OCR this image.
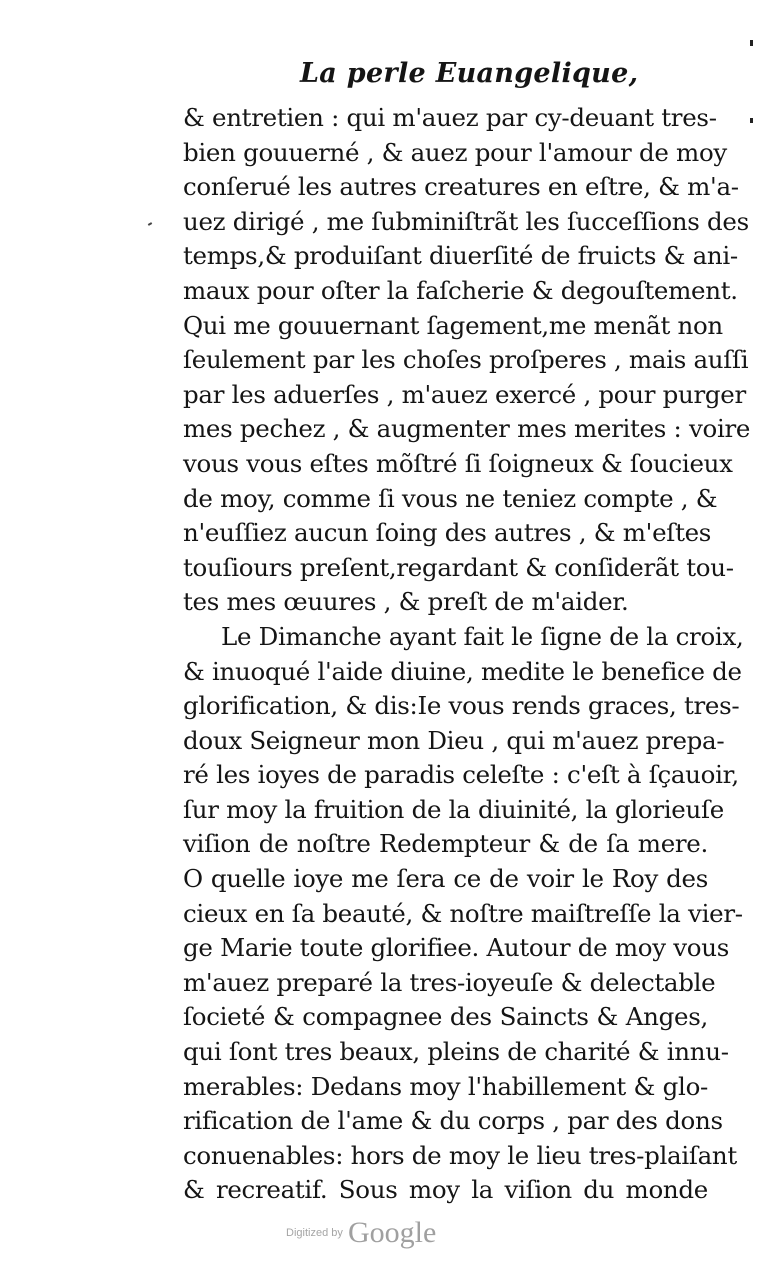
La perle Euangelique,
& entretien : qui m'auez par cy-deuant tres-
bien gouuerné , & auez pour l'amour de moy
conſerué les autres creatures en eſtre, & m'a-
uez dirigé , me ſubminiſtrãt les ſucceſſions des
temps,& produiſant diuerſité de fruicts & ani-
maux pour oſter la faſcherie & degouſtement.
Qui me gouuernant ſagement,me menãt non
ſeulement par les choſes proſperes , mais auſſi
par les aduerſes , m'auez exercé , pour purger
mes pechez , & augmenter mes merites : voire
vous vous eſtes mõſtré ſi ſoigneux & ſoucieux
de moy, comme ſi vous ne teniez compte , &
n'euſſiez aucun ſoing des autres , & m'eſtes
touſiours preſent,regardant & conſiderãt tou-
tes mes œuures , & preſt de m'aider.
Le Dimanche ayant fait le ſigne de la croix,
& inuoqué l'aide diuine, medite le benefice de
glorification, & dis:Ie vous rends graces, tres-
doux Seigneur mon Dieu , qui m'auez prepa-
ré les ioyes de paradis celeſte : c'eſt à ſçauoir,
ſur moy la fruition de la diuinité, la glorieuſe
viſion de noſtre Redempteur & de ſa mere.
O quelle ioye me ſera ce de voir le Roy des
cieux en ſa beauté, & noſtre maiſtreſſe la vier-
ge Marie toute glorifiee. Autour de moy vous
m'auez preparé la tres-ioyeuſe & delectable
ſocieté & compagnee des Saincts & Anges,
qui ſont tres beaux, pleins de charité & innu-
merables: Dedans moy l'habillement & glo-
rification de l'ame & du corps , par des dons
conuenables: hors de moy le lieu tres-plaiſant
& recreatif. Sous moy la viſion du monde
Digitized by Google
